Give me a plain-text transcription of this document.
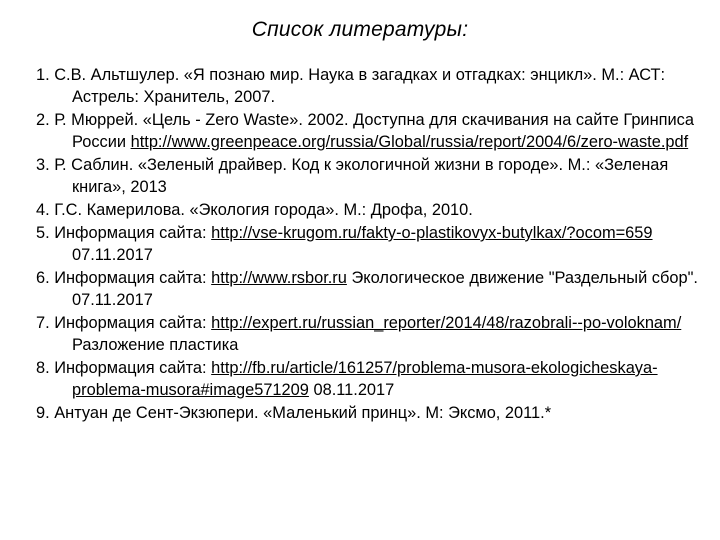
Список литературы:
1. С.В. Альтшулер. «Я познаю мир. Наука в загадках и отгадках: энцикл». М.: АСТ: Астрель: Хранитель, 2007.
2. Р. Мюррей. «Цель - Zero Waste». 2002. Доступна для скачивания на сайте Гринписа России http://www.greenpeace.org/russia/Global/russia/report/2004/6/zero-waste.pdf
3. Р. Саблин. «Зеленый драйвер. Код к экологичной жизни в городе». М.: «Зеленая книга», 2013
4. Г.С. Камерилова. «Экология города». М.: Дрофа, 2010.
5. Информация сайта: http://vse-krugom.ru/fakty-o-plastikovyx-butylkax/?ocom=659 07.11.2017
6. Информация сайта: http://www.rsbor.ru Экологическое движение "Раздельный сбор". 07.11.2017
7. Информация сайта: http://expert.ru/russian_reporter/2014/48/razobrali--po-voloknam/ Разложение пластика
8. Информация сайта: http://fb.ru/article/161257/problema-musora-ekologicheskaya-problema-musora#image571209 08.11.2017
9. Антуан де Сент-Экзюпери. «Маленький принц». М: Эксмо, 2011.*
